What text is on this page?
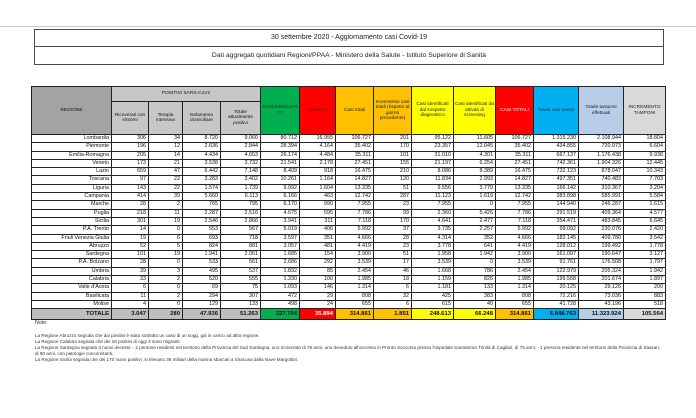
30 settembre 2020 - Aggiornamento casi Covid-19
Dati aggregati quotidiani Regioni/PPAA - Ministero della Salute - Istituto Superiore di Sanità
REGIONE	POSITIVI SARS-CoV2				DIMESSI/GUARITI	Deceduti	Casi totali	Incremento casi totali (rispetto al giorno precedente)	Casi identificati dal sospetto diagnostico	Casi identificati da attività di screening	CASI TOTALI	Totale casi testati	Totale tamponi effettuati	INCREMENTO TAMPONI
	Ricoverati con sintomi	Terapia intensiva	Isolamento domiciliare	Totale attualmente positivi										
Lombardia	306	34	8.720	9.060	80.712	16.955	106.727	201	95.122	11.605	106.727	1.315.230	2.108.944	18.804
Piemonte	196	12	2.636	2.844	28.394	4.164	35.402	170	23.357	12.045	35.402	434.855	720.973	6.604
Emilia-Romagna	205	14	4.434	4.653	26.174	4.484	35.311	101	31.010	4.301	35.311	667.137	1.176.438	9.938
Veneto	173	21	3.538	3.732	21.541	2.178	27.451	155	21.197	6.254	27.451	742.361	1.904.326	12.445
Lazio	659	47	6.442	7.148	8.409	918	16.475	210	8.086	8.389	16.475	732.123	878.047	10.343
Toscana	97	22	3.283	3.402	10.261	1.164	14.827	120	11.834	2.993	14.827	497.351	740.483	7.703
Liguria	143	22	1.574	1.739	9.992	1.604	13.335	51	9.556	3.779	13.335	166.142	310.367	3.204
Campania	414	39	5.660	6.113	6.166	463	12.742	287	11.123	1.619	12.742	383.898	585.991	5.584
Marche	28	2	765	795	6.170	990	7.955	23	7.955	0	7.955	144.940	246.287	1.615
Puglia	218	11	2.287	2.516	4.675	595	7.786	99	2.360	5.426	7.786	291.519	409.364	4.577
Sicilia	301	19	2.546	2.866	3.941	311	7.118	170	4.641	2.477	7.118	354.471	483.845	6.645
P.A. Trento	14	0	553	567	5.019	406	5.992	37	3.735	2.257	5.992	99.092	230.076	2.420
Friuli Venezia Giulia	19	6	693	718	3.597	351	4.666	28	4.314	352	4.666	182.145	409.780	3.542
Abruzzo	52	5	824	881	3.057	481	4.419	23	3.778	641	4.419	128.012	199.492	1.778
Sardegna	101	19	1.941	2.061	1.685	154	3.900	51	1.958	1.942	3.900	161.097	190.647	3.127
P.A. Bolzano	28	0	533	561	2.686	292	3.539	17	3.539	0	3.539	91.761	176.508	1.797
Umbria	39	3	495	537	1.832	85	2.454	46	1.668	786	2.454	122.979	205.324	1.942
Calabria	33	2	520	555	1.330	100	1.985	18	1.159	826	1.985	199.568	201.674	1.897
Valle d'Aosta	6	0	69	75	1.093	146	1.314	6	1.181	133	1.314	20.125	29.126	200
Basilicata	11	2	294	307	472	29	808	32	425	383	808	72.216	73.036	883
Molise	4	0	129	133	498	24	655	6	615	40	655	41.728	43.196	518
TOTALE	3.047	280	47.936	51.263	227.704	35.894	314.861	1.851	248.613	66.248	314.861	6.848.753	11.323.924	105.564
Note:
La Regione Abruzzo segnala che dai positivi è stato sottratto un caso di un sogg. già in carico ad altra regione.
La Regione Calabria segnala che dei 18 positivi di oggi 4 sono migranti.
La Regione Sardegna segnala 3 nuovi decessi: - 2 persone residenti nel territorio della Provincia del Sud Sardegna, uno ricoverato di 78 anni, uno deceduto all'accesso in Pronto Soccorso presso l'ospedale Santissima Trinità di Cagliari, di 75 anni; - 1 persona residente nel territorio della Provincia di Sassari, di 90 anni, con patologie concomitanti.
La Regione Sicilia segnala che dei 170 nuovi positivi, si rilevano 39 militari della marina sbarcati a Siracusa dalla Nave Margottini.
